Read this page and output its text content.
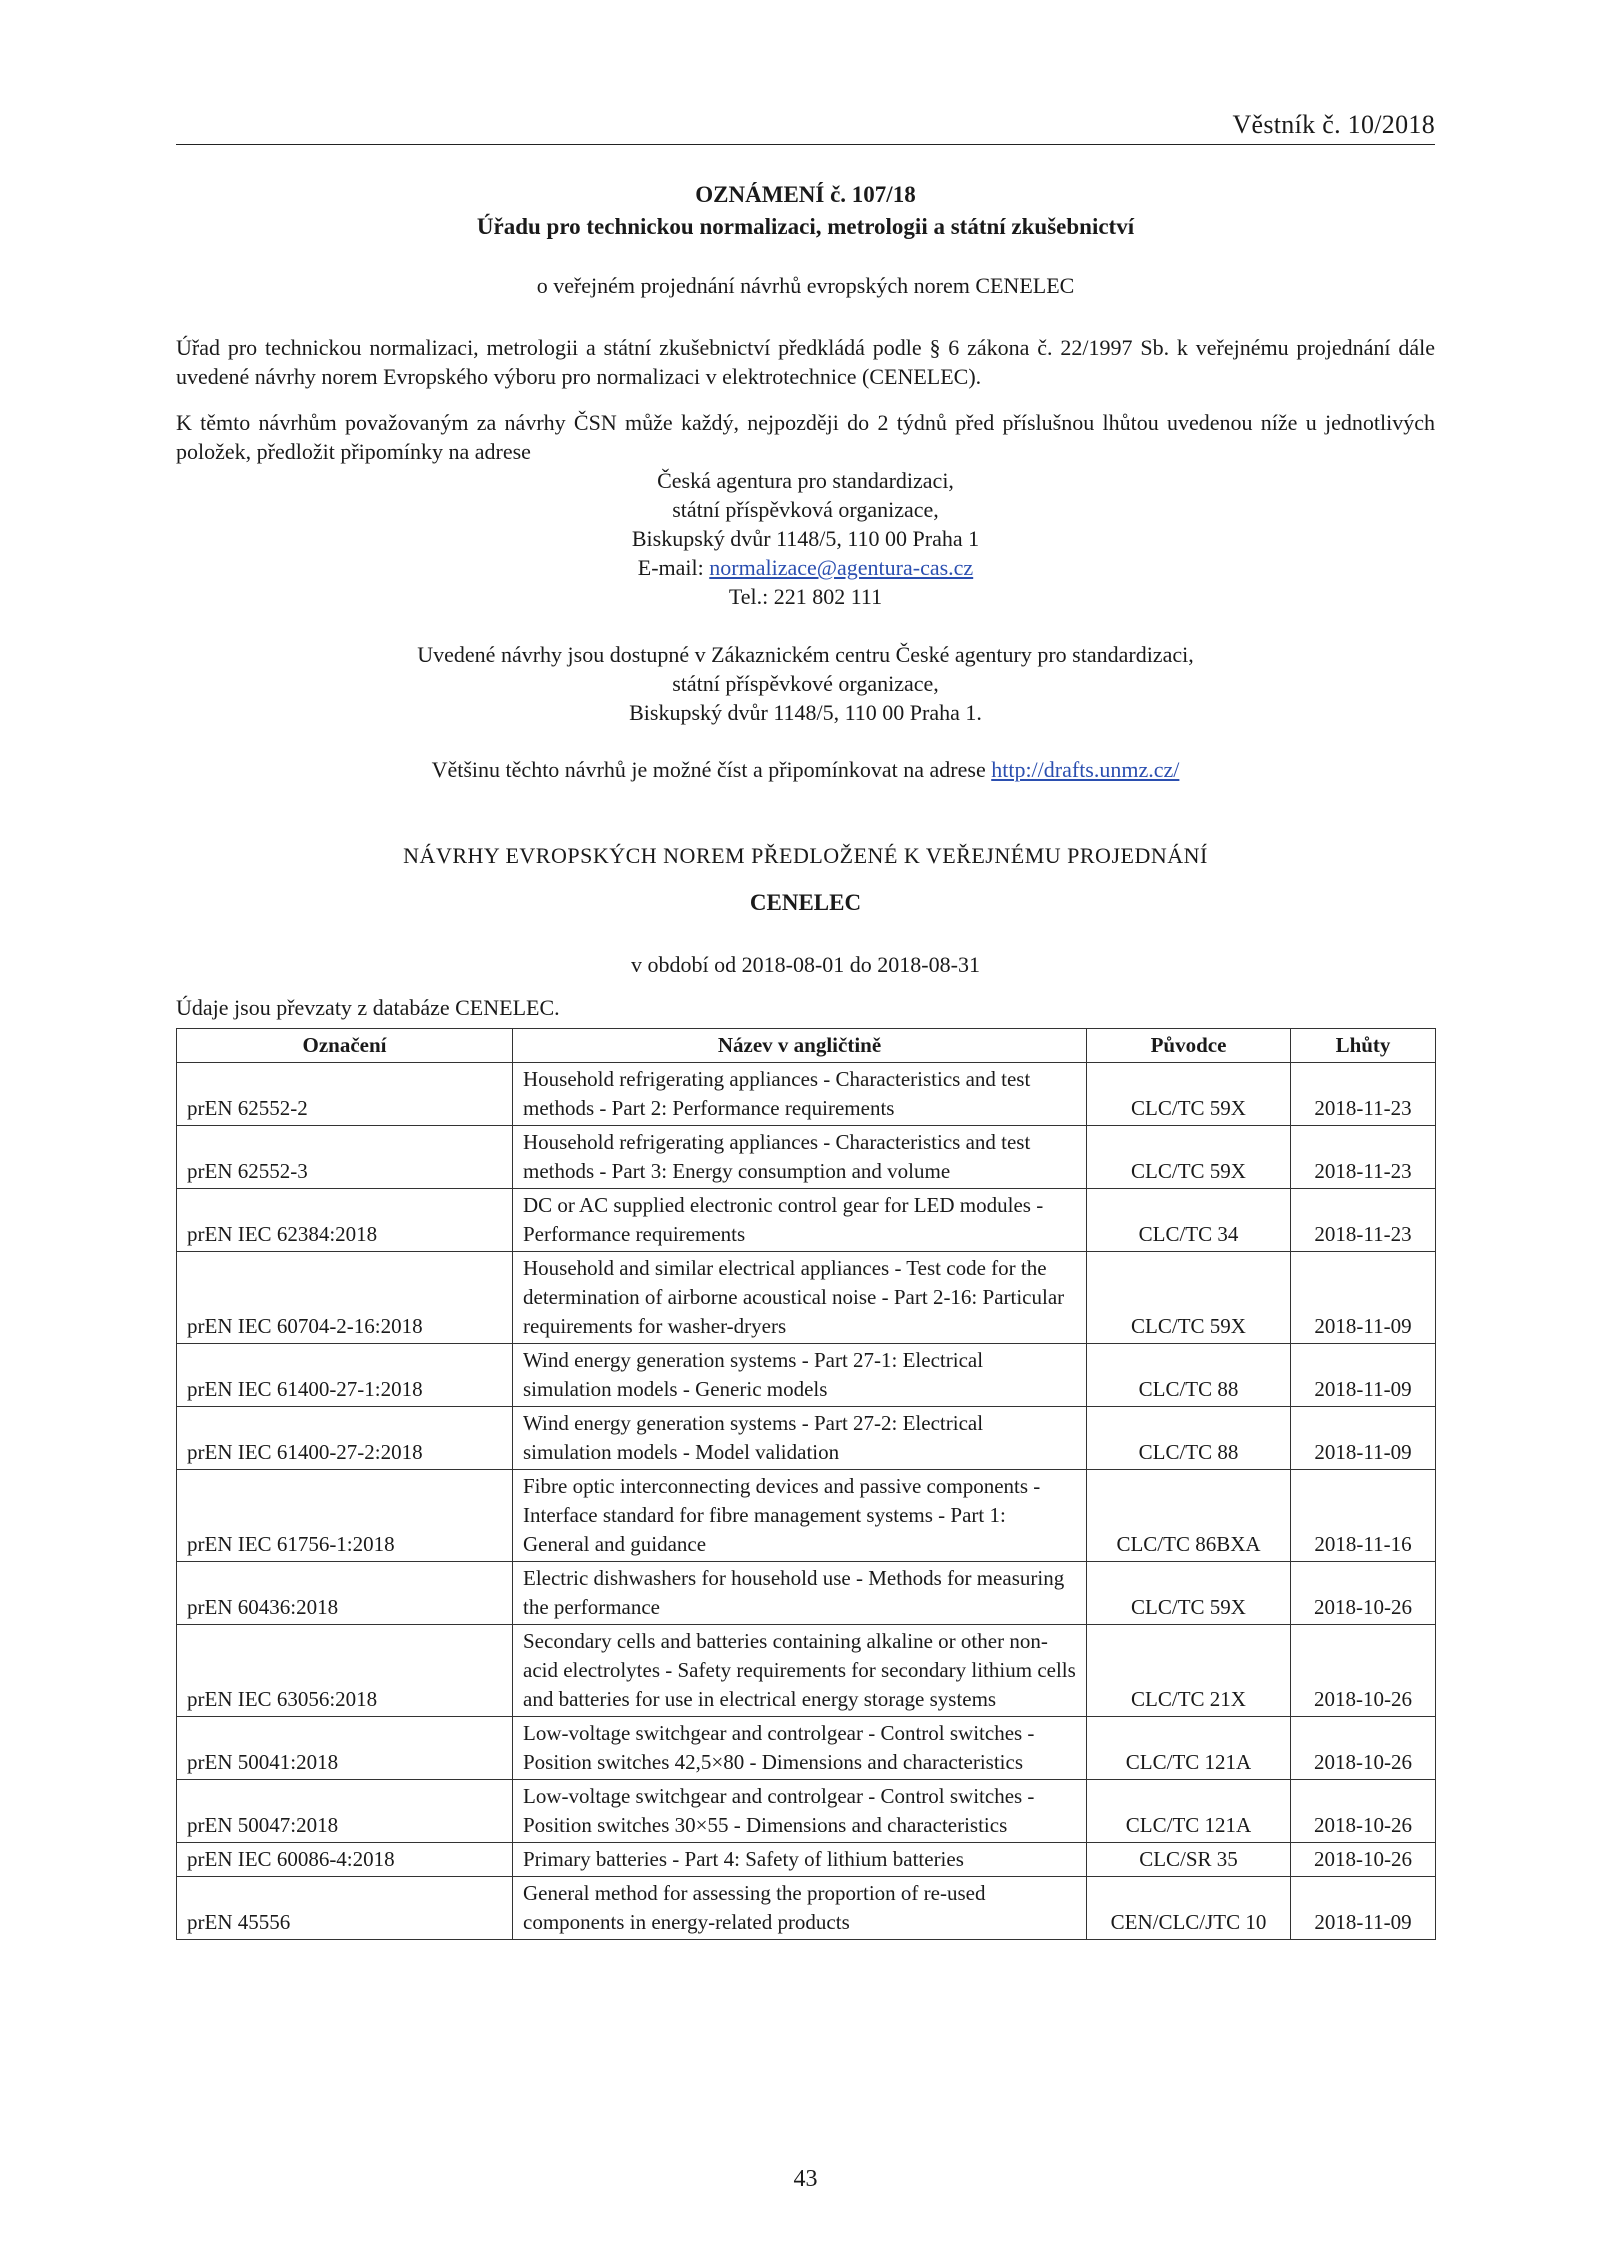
Věstník č. 10/2018
OZNÁMENÍ č. 107/18
Úřadu pro technickou normalizaci, metrologii a státní zkušebnictví
o veřejném projednání návrhů evropských norem CENELEC
Úřad pro technickou normalizaci, metrologii a státní zkušebnictví předkládá podle § 6 zákona č. 22/1997 Sb. k veřejnému projednání dále uvedené návrhy norem Evropského výboru pro normalizaci v elektrotechnice (CENELEC).
K těmto návrhům považovaným za návrhy ČSN může každý, nejpozději do 2 týdnů před příslušnou lhůtou uvedenou níže u jednotlivých položek, předložit připomínky na adrese
Česká agentura pro standardizaci,
státní příspěvková organizace,
Biskupský dvůr 1148/5, 110 00 Praha 1
E-mail: normalizace@agentura-cas.cz
Tel.: 221 802 111
Uvedené návrhy jsou dostupné v Zákaznickém centru České agentury pro standardizaci,
státní příspěvkové organizace,
Biskupský dvůr 1148/5, 110 00 Praha 1.
Většinu těchto návrhů je možné číst a připomínkovat na adrese http://drafts.unmz.cz/
NÁVRHY EVROPSKÝCH NOREM PŘEDLOŽENÉ K VEŘEJNÉMU PROJEDNÁNÍ
CENELEC
v období od 2018-08-01 do 2018-08-31
Údaje jsou převzaty z databáze CENELEC.
Označení	Název v angličtině	Původce	Lhůty
prEN 62552-2	Household refrigerating appliances - Characteristics and test methods - Part 2: Performance requirements	CLC/TC 59X	2018-11-23
prEN 62552-3	Household refrigerating appliances - Characteristics and test methods - Part 3: Energy consumption and volume	CLC/TC 59X	2018-11-23
prEN IEC 62384:2018	DC or AC supplied electronic control gear for LED modules - Performance requirements	CLC/TC 34	2018-11-23
prEN IEC 60704-2-16:2018	Household and similar electrical appliances - Test code for the determination of airborne acoustical noise - Part 2-16: Particular requirements for washer-dryers	CLC/TC 59X	2018-11-09
prEN IEC 61400-27-1:2018	Wind energy generation systems - Part 27-1: Electrical simulation models - Generic models	CLC/TC 88	2018-11-09
prEN IEC 61400-27-2:2018	Wind energy generation systems - Part 27-2: Electrical simulation models - Model validation	CLC/TC 88	2018-11-09
prEN IEC 61756-1:2018	Fibre optic interconnecting devices and passive components - Interface standard for fibre management systems - Part 1: General and guidance	CLC/TC 86BXA	2018-11-16
prEN 60436:2018	Electric dishwashers for household use - Methods for measuring the performance	CLC/TC 59X	2018-10-26
prEN IEC 63056:2018	Secondary cells and batteries containing alkaline or other non-acid electrolytes - Safety requirements for secondary lithium cells and batteries for use in electrical energy storage systems	CLC/TC 21X	2018-10-26
prEN 50041:2018	Low-voltage switchgear and controlgear - Control switches - Position switches 42,5×80 - Dimensions and characteristics	CLC/TC 121A	2018-10-26
prEN 50047:2018	Low-voltage switchgear and controlgear - Control switches - Position switches 30×55 - Dimensions and characteristics	CLC/TC 121A	2018-10-26
prEN IEC 60086-4:2018	Primary batteries - Part 4: Safety of lithium batteries	CLC/SR 35	2018-10-26
prEN 45556	General method for assessing the proportion of re-used components in energy-related products	CEN/CLC/JTC 10	2018-11-09
43
